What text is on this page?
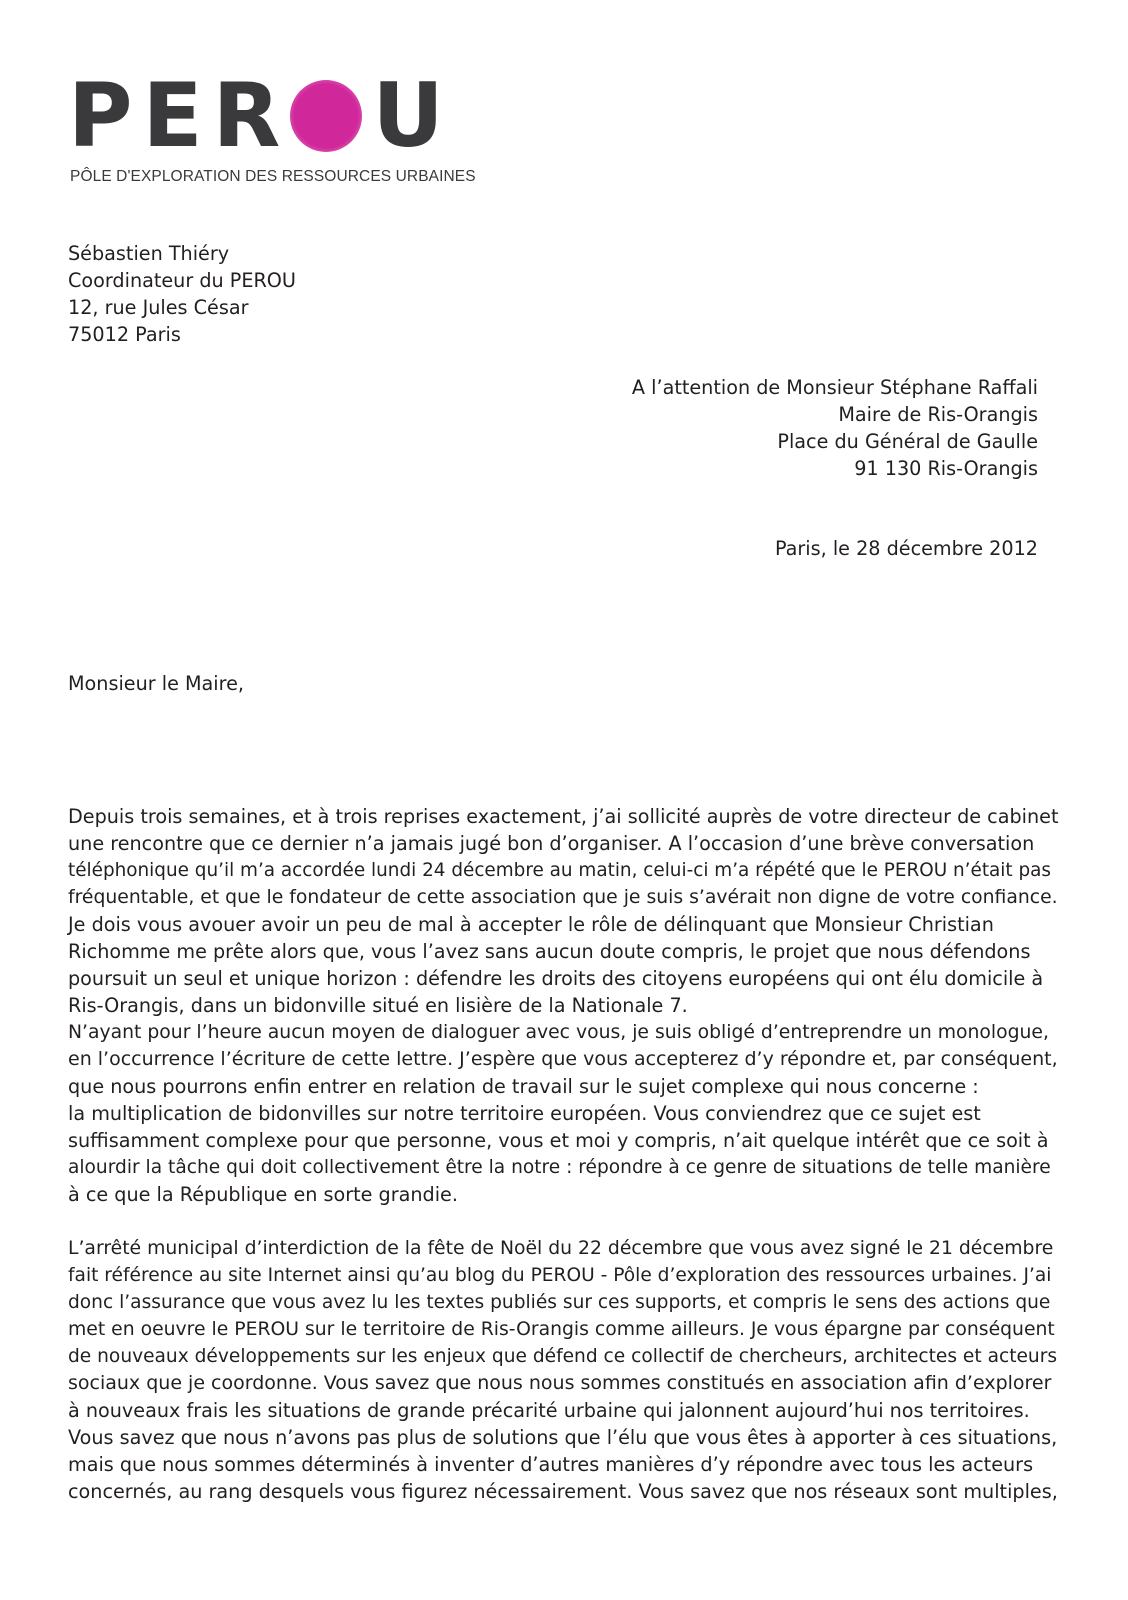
PER U
PÔLE D'EXPLORATION DES RESSOURCES URBAINES
Sébastien Thiéry
Coordinateur du PEROU
12, rue Jules César
75012 Paris
A l’attention de Monsieur Stéphane Raffali
Maire de Ris-Orangis
Place du Général de Gaulle
91 130 Ris-Orangis
Paris, le 28 décembre 2012
Monsieur le Maire,
Depuis trois semaines, et à trois reprises exactement, j’ai sollicité auprès de votre directeur de cabinet
une rencontre que ce dernier n’a jamais jugé bon d’organiser. A l’occasion d’une brève conversation
téléphonique qu’il m’a accordée lundi 24 décembre au matin, celui-ci m’a répété que le PEROU n’était pas
fréquentable, et que le fondateur de cette association que je suis s’avérait non digne de votre confiance.
Je dois vous avouer avoir un peu de mal à accepter le rôle de délinquant que Monsieur Christian
Richomme me prête alors que, vous l’avez sans aucun doute compris, le projet que nous défendons
poursuit un seul et unique horizon : défendre les droits des citoyens européens qui ont élu domicile à
Ris-Orangis, dans un bidonville situé en lisière de la Nationale 7.
N’ayant pour l’heure aucun moyen de dialoguer avec vous, je suis obligé d’entreprendre un monologue,
en l’occurrence l’écriture de cette lettre. J’espère que vous accepterez d’y répondre et, par conséquent,
que nous pourrons enfin entrer en relation de travail sur le sujet complexe qui nous concerne :
la multiplication de bidonvilles sur notre territoire européen. Vous conviendrez que ce sujet est
suffisamment complexe pour que personne, vous et moi y compris, n’ait quelque intérêt que ce soit à
alourdir la tâche qui doit collectivement être la notre : répondre à ce genre de situations de telle manière
à ce que la République en sorte grandie.
L’arrêté municipal d’interdiction de la fête de Noël du 22 décembre que vous avez signé le 21 décembre
fait référence au site Internet ainsi qu’au blog du PEROU - Pôle d’exploration des ressources urbaines. J’ai
donc l’assurance que vous avez lu les textes publiés sur ces supports, et compris le sens des actions que
met en oeuvre le PEROU sur le territoire de Ris-Orangis comme ailleurs. Je vous épargne par conséquent
de nouveaux développements sur les enjeux que défend ce collectif de chercheurs, architectes et acteurs
sociaux que je coordonne. Vous savez que nous nous sommes constitués en association afin d’explorer
à nouveaux frais les situations de grande précarité urbaine qui jalonnent aujourd’hui nos territoires.
Vous savez que nous n’avons pas plus de solutions que l’élu que vous êtes à apporter à ces situations,
mais que nous sommes déterminés à inventer d’autres manières d’y répondre avec tous les acteurs
concernés, au rang desquels vous figurez nécessairement. Vous savez que nos réseaux sont multiples,
